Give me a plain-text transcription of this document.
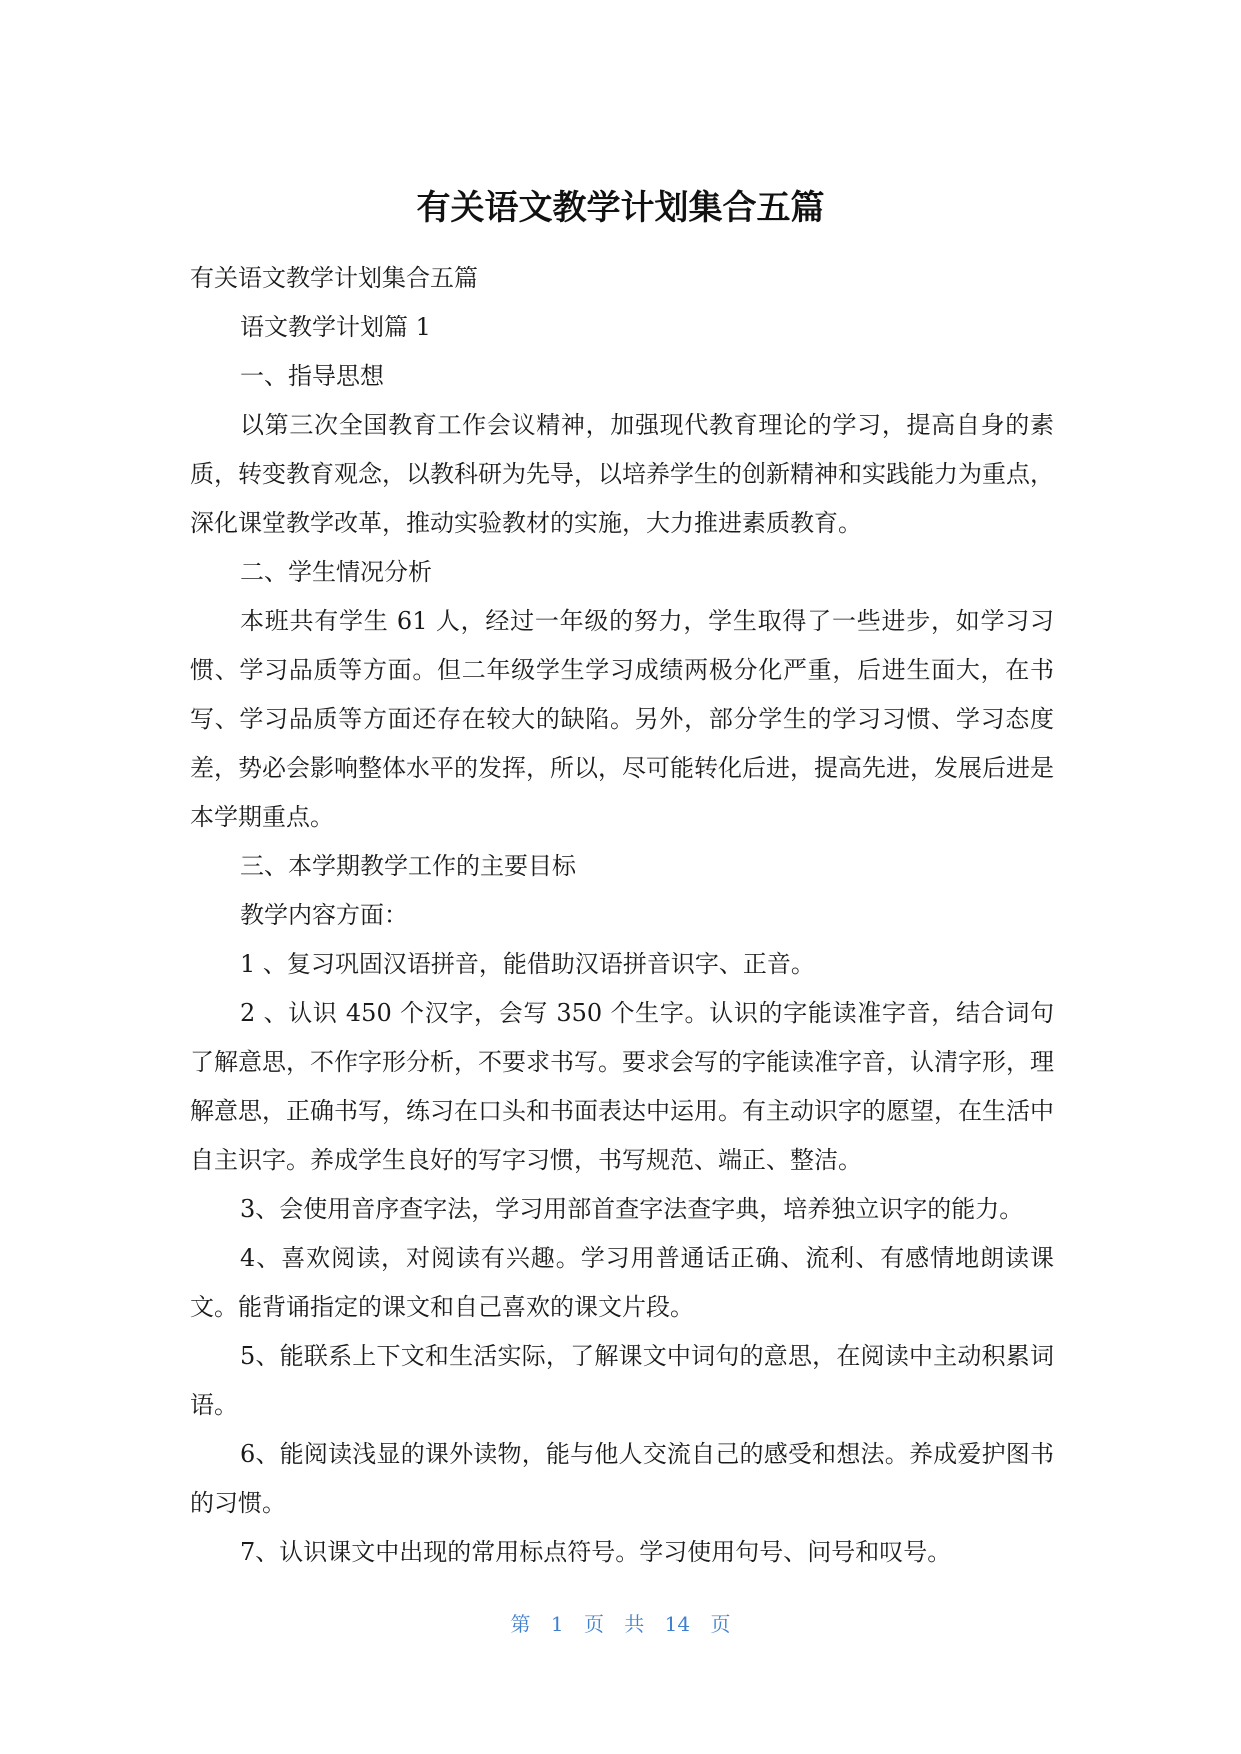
有关语文教学计划集合五篇

有关语文教学计划集合五篇

语文教学计划篇 1

一、指导思想

以第三次全国教育工作会议精神，加强现代教育理论的学习，提高自身的素质，转变教育观念，以教科研为先导，以培养学生的创新精神和实践能力为重点，深化课堂教学改革，推动实验教材的实施，大力推进素质教育。

二、学生情况分析

本班共有学生 61 人，经过一年级的努力，学生取得了一些进步，如学习习惯、学习品质等方面。但二年级学生学习成绩两极分化严重，后进生面大，在书写、学习品质等方面还存在较大的缺陷。另外，部分学生的学习习惯、学习态度差，势必会影响整体水平的发挥，所以，尽可能转化后进，提高先进，发展后进是本学期重点。

三、本学期教学工作的主要目标

教学内容方面：

1 、复习巩固汉语拼音，能借助汉语拼音识字、正音。

2 、认识 450 个汉字，会写 350 个生字。认识的字能读准字音，结合词句了解意思，不作字形分析，不要求书写。要求会写的字能读准字音，认清字形，理解意思，正确书写，练习在口头和书面表达中运用。有主动识字的愿望，在生活中自主识字。养成学生良好的写字习惯，书写规范、端正、整洁。

3、会使用音序查字法，学习用部首查字法查字典，培养独立识字的能力。

4、喜欢阅读，对阅读有兴趣。学习用普通话正确、流利、有感情地朗读课文。能背诵指定的课文和自己喜欢的课文片段。

5、能联系上下文和生活实际，了解课文中词句的意思，在阅读中主动积累词语。

6、能阅读浅显的课外读物，能与他人交流自己的感受和想法。养成爱护图书的习惯。

7、认识课文中出现的常用标点符号。学习使用句号、问号和叹号。

第 1 页 共 14 页
